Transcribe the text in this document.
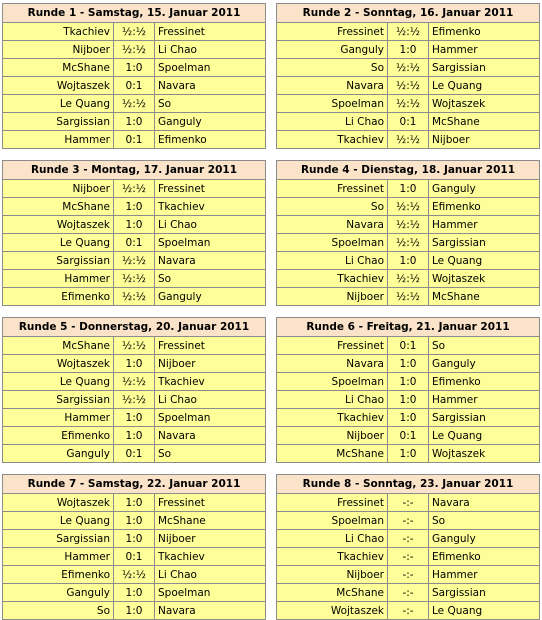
Runde 1 - Samstag, 15. Januar 2011
Tkachiev	½:½	Fressinet
Nijboer	½:½	Li Chao
McShane	1:0	Spoelman
Wojtaszek	0:1	Navara
Le Quang	½:½	So
Sargissian	1:0	Ganguly
Hammer	0:1	Efimenko
Runde 2 - Sonntag, 16. Januar 2011
Fressinet	½:½	Efimenko
Ganguly	1:0	Hammer
So	½:½	Sargissian
Navara	½:½	Le Quang
Spoelman	½:½	Wojtaszek
Li Chao	0:1	McShane
Tkachiev	½:½	Nijboer
Runde 3 - Montag, 17. Januar 2011
Nijboer	½:½	Fressinet
McShane	1:0	Tkachiev
Wojtaszek	1:0	Li Chao
Le Quang	0:1	Spoelman
Sargissian	½:½	Navara
Hammer	½:½	So
Efimenko	½:½	Ganguly
Runde 4 - Dienstag, 18. Januar 2011
Fressinet	1:0	Ganguly
So	½:½	Efimenko
Navara	½:½	Hammer
Spoelman	½:½	Sargissian
Li Chao	1:0	Le Quang
Tkachiev	½:½	Wojtaszek
Nijboer	½:½	McShane
Runde 5 - Donnerstag, 20. Januar 2011
McShane	½:½	Fressinet
Wojtaszek	1:0	Nijboer
Le Quang	½:½	Tkachiev
Sargissian	½:½	Li Chao
Hammer	1:0	Spoelman
Efimenko	1:0	Navara
Ganguly	0:1	So
Runde 6 - Freitag, 21. Januar 2011
Fressinet	0:1	So
Navara	1:0	Ganguly
Spoelman	1:0	Efimenko
Li Chao	1:0	Hammer
Tkachiev	1:0	Sargissian
Nijboer	0:1	Le Quang
McShane	1:0	Wojtaszek
Runde 7 - Samstag, 22. Januar 2011
Wojtaszek	1:0	Fressinet
Le Quang	1:0	McShane
Sargissian	1:0	Nijboer
Hammer	0:1	Tkachiev
Efimenko	½:½	Li Chao
Ganguly	1:0	Spoelman
So	1:0	Navara
Runde 8 - Sonntag, 23. Januar 2011
Fressinet	-:-	Navara
Spoelman	-:-	So
Li Chao	-:-	Ganguly
Tkachiev	-:-	Efimenko
Nijboer	-:-	Hammer
McShane	-:-	Sargissian
Wojtaszek	-:-	Le Quang
